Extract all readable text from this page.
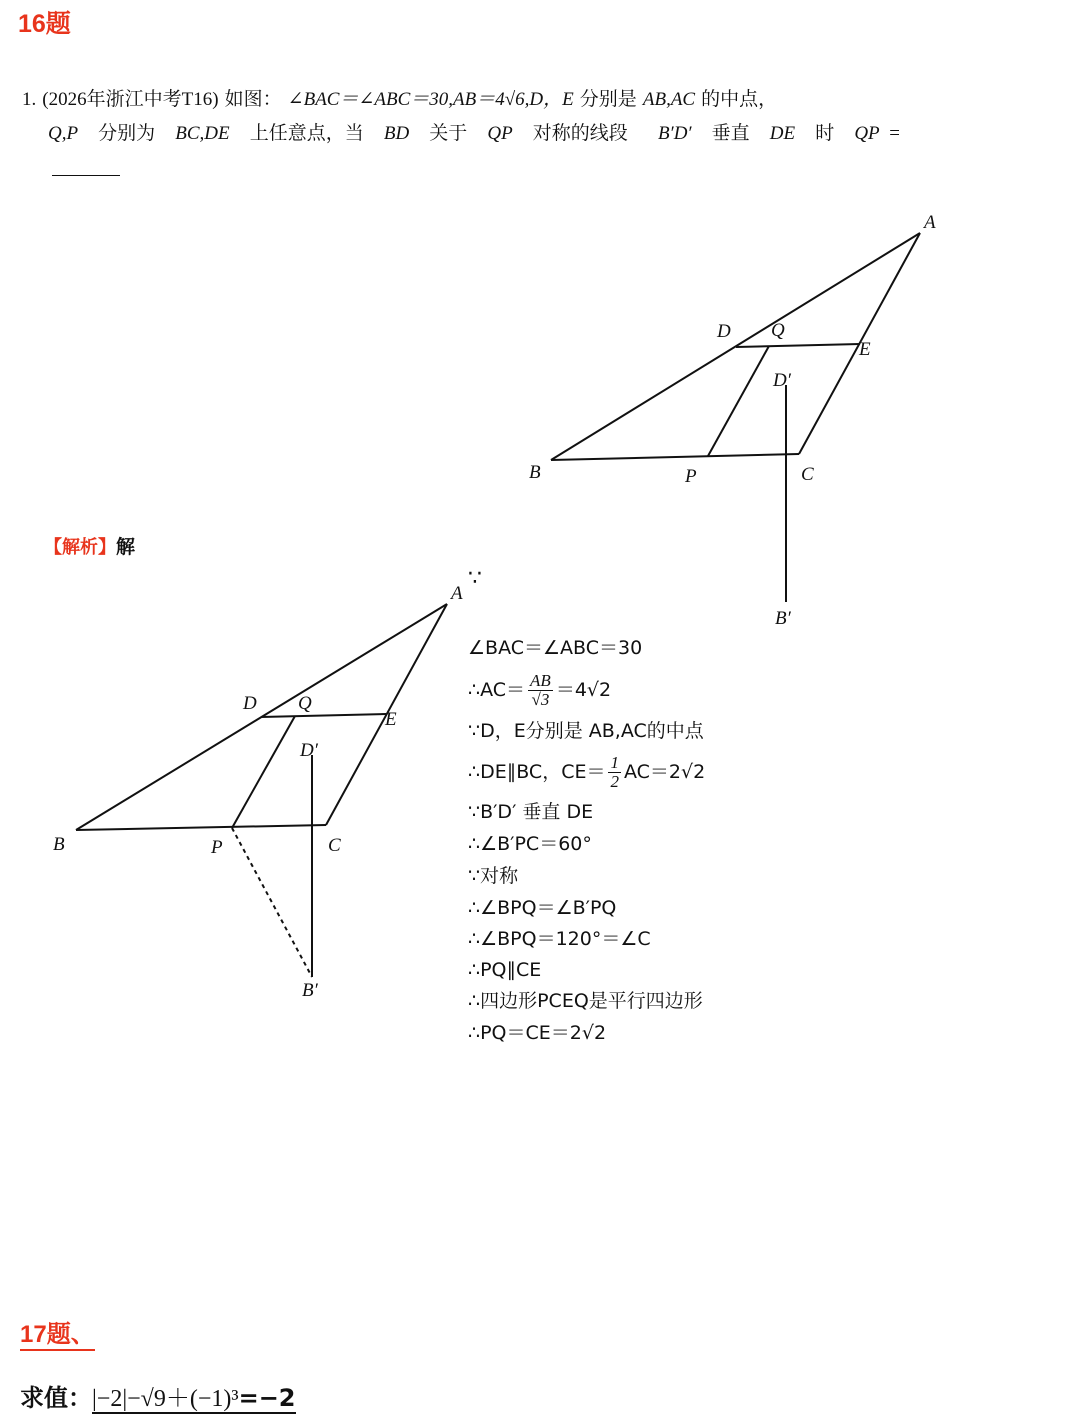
16题
1. (2026年浙江中考T16) 如图： ∠BAC＝∠ABC＝30,AB＝4√6,D，E 分别是 AB,AC 的中点，
Q,P 分别为 BC,DE 上任意点，当 BD 关于 QP 对称的线段 B′D′ 垂直 DE 时 QP =
A
B	C
D
E
P
Q
D′
B′
【解析】解
∵
A
B	C
D
E
P
Q
D′
B′
∠BAC＝∠ABC＝30
∴AC＝ $\frac{AB}{√3} =4√2$
∵D，E分别是 AB,AC的中点
∴DE∥BC，$CE= \frac{1}{2} AC=2√2$
∵B′D′ 垂直 DE
∴∠B′PC＝60°
∵对称
∴∠BPQ＝∠B′PQ
∴∠BPQ＝120°＝∠C
∴PQ∥CE
∴四边形PCEQ是平行四边形
∴PQ＝CE＝2√2
17题、
求值：|−2|−√9＋(−1)³=−2
